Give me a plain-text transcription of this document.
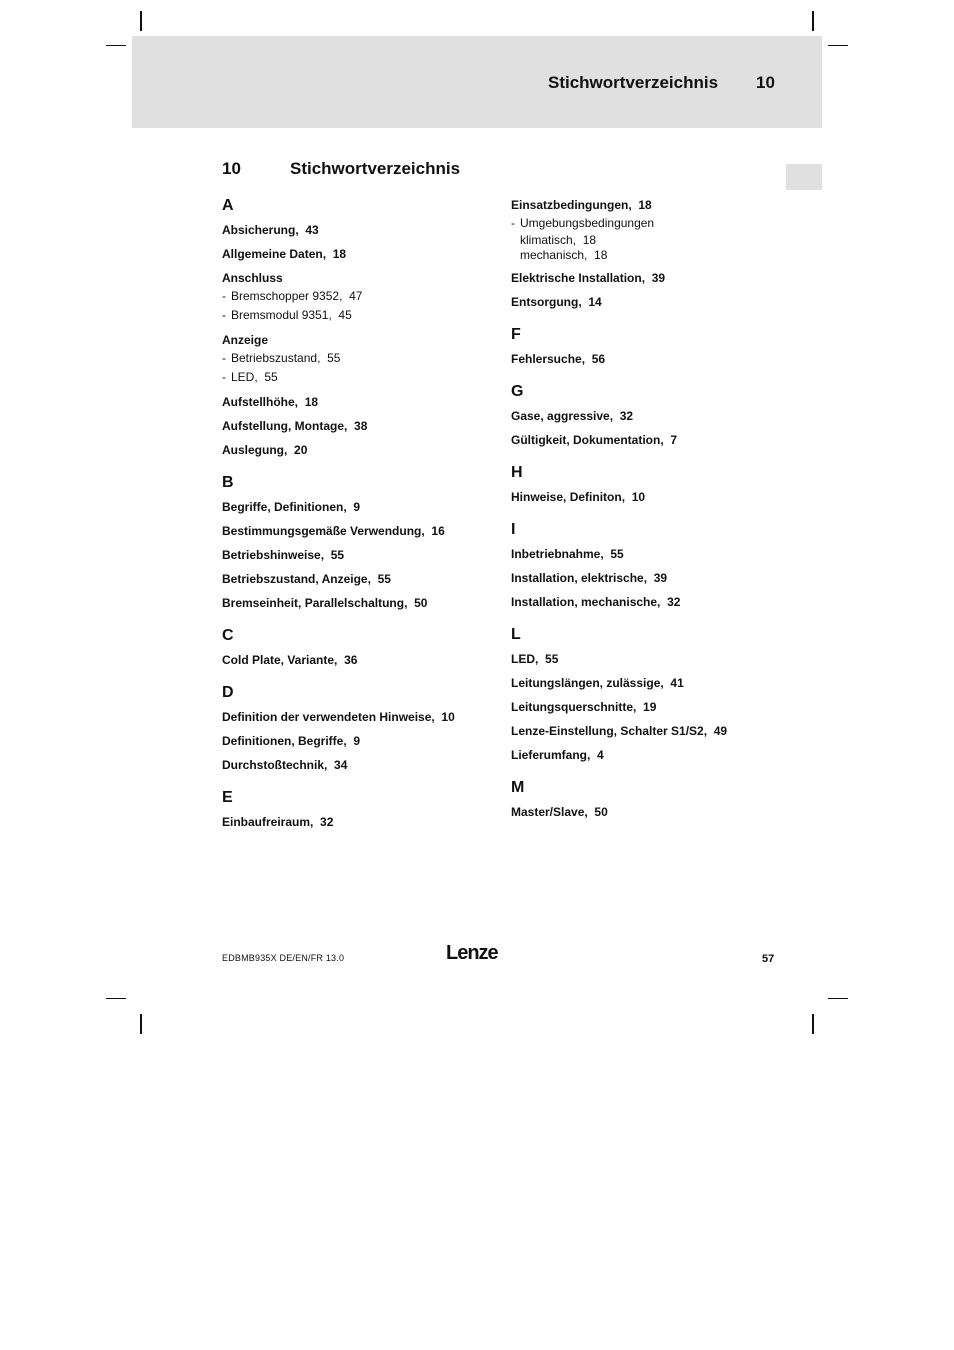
Stichwortverzeichnis 10
10	Stichwortverzeichnis
A
Absicherung , 43
Allgemeine Daten , 18
Anschluss
- Bremschopper 9352 , 47
- Bremsmodul 9351 , 45
Anzeige
- Betriebszustand , 55
- LED , 55
Aufstellhöhe , 18
Aufstellung, Montage , 38
Auslegung , 20
B
Begriffe, Definitionen , 9
Bestimmungsgemäße Verwendung , 16
Betriebshinweise , 55
Betriebszustand, Anzeige , 55
Bremseinheit, Parallelschaltung , 50
C
Cold Plate, Variante , 36
D
Definition der verwendeten Hinweise , 10
Definitionen, Begriffe , 9
Durchstoßtechnik , 34
E
Einbaufreiraum , 32
Einsatzbedingungen , 18
- Umgebungsbedingungen
klimatisch , 18
mechanisch , 18
Elektrische Installation , 39
Entsorgung , 14
F
Fehlersuche , 56
G
Gase, aggressive , 32
Gültigkeit, Dokumentation , 7
H
Hinweise, Definiton , 10
I
Inbetriebnahme , 55
Installation, elektrische , 39
Installation, mechanische , 32
L
LED , 55
Leitungslängen, zulässige , 41
Leitungsquerschnitte , 19
Lenze-Einstellung, Schalter S1/S2 , 49
Lieferumfang , 4
M
Master/Slave , 50
EDBMB935X DE/EN/FR 13.0	Lenze	57
